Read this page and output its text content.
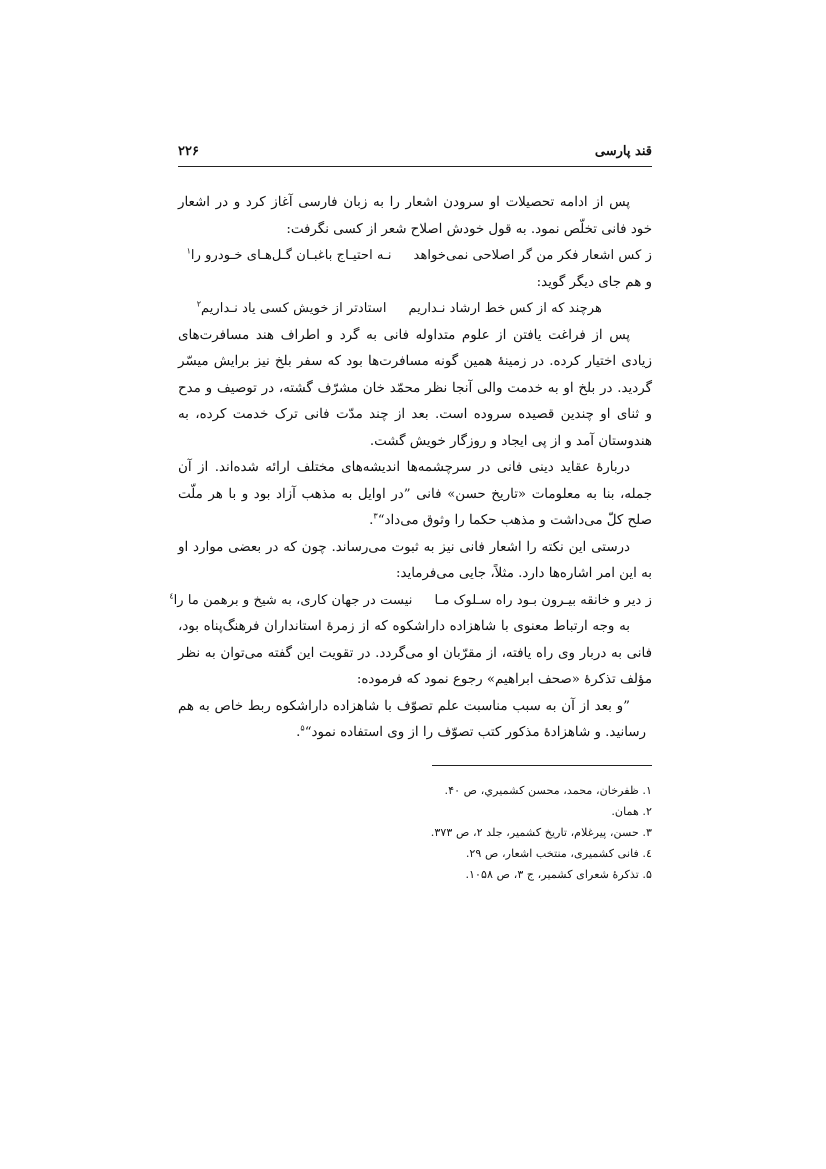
قند پارسی
۲۲۶

پس از ادامه تحصیلات او سرودن اشعار را به زبان فارسی آغاز کرد و در اشعار خود فانی تخلّص نمود. به قول خودش اصلاح شعر از کسی نگرفت:

ز کس اشعار فکر من گر اصلاحی نمی‌خواهد
نـه احتیـاج باغبـان گـل‌هـای خـودرو را$^۱$

و هم جای دیگر گوید:

هرچند که از کس خط ارشاد نـداریم
استادتر از خویش کسی یاد نـداریم$^۲$

پس از فراغت یافتن از علوم متداوله فانی به گرد و اطراف هند مسافرت‌های زیادی اختیار کرده. در زمینهٔ همین گونه مسافرت‌ها بود که سفر بلخ نیز برایش میسّر گردید. در بلخ او به خدمت والی آنجا نظر محمّد خان مشرّف گشته، در توصیف و مدح و ثنای او چندین قصیده سروده است. بعد از چند مدّت فانی ترک خدمت کرده، به هندوستان آمد و از پی ایجاد و روزگار خویش گشت.

دربارهٔ عقاید دینی فانی در سرچشمه‌ها اندیشه‌های مختلف ارائه شده‌اند. از آن جمله، بنا به معلومات «تاریخ حسن» فانی ”در اوایل به مذهب آزاد بود و با هر ملّت صلح کلّ می‌داشت و مذهب حکما را وثوق می‌داد“$^۳$.

درستی این نکته را اشعار فانی نیز به ثبوت می‌رساند. چون که در بعضی موارد او به این امر اشاره‌ها دارد. مثلاً، جایی می‌فرماید:

ز دیر و خانقه بیـرون بـود راه سـلوک مـا
نیست در جهان کاری، به شیخ و برهمن ما را$^٤$

به وجه ارتباط معنوی با شاهزاده داراشکوه که از زمرهٔ استانداران فرهنگ‌پناه بود، فانی به دربار وی راه یافته، از مقرّبان او می‌گردد. در تقویت این گفته می‌توان به نظر مؤلف تذکرهٔ «صحف ابراهیم» رجوع نمود که فرموده:

”و بعد از آن به سبب مناسبت علم تصوّف با شاهزاده داراشکوه ربط خاص به هم رسانید. و شاهزادهٔ مذکور کتب تصوّف را از وی استفاده نمود“$^۵$.

۱. ظفرخان، محمد، محسن کشمیري، ص ۴۰.

۲. همان.

۳. حسن، پیرغلام، تاریخ کشمیر، جلد ۲، ص ۳۷۳.

٤. فانی کشمیری، منتخب اشعار، ص ۲۹.

۵. تذکرهٔ شعرای کشمیر، ج ۳، ص ۱۰۵۸.
